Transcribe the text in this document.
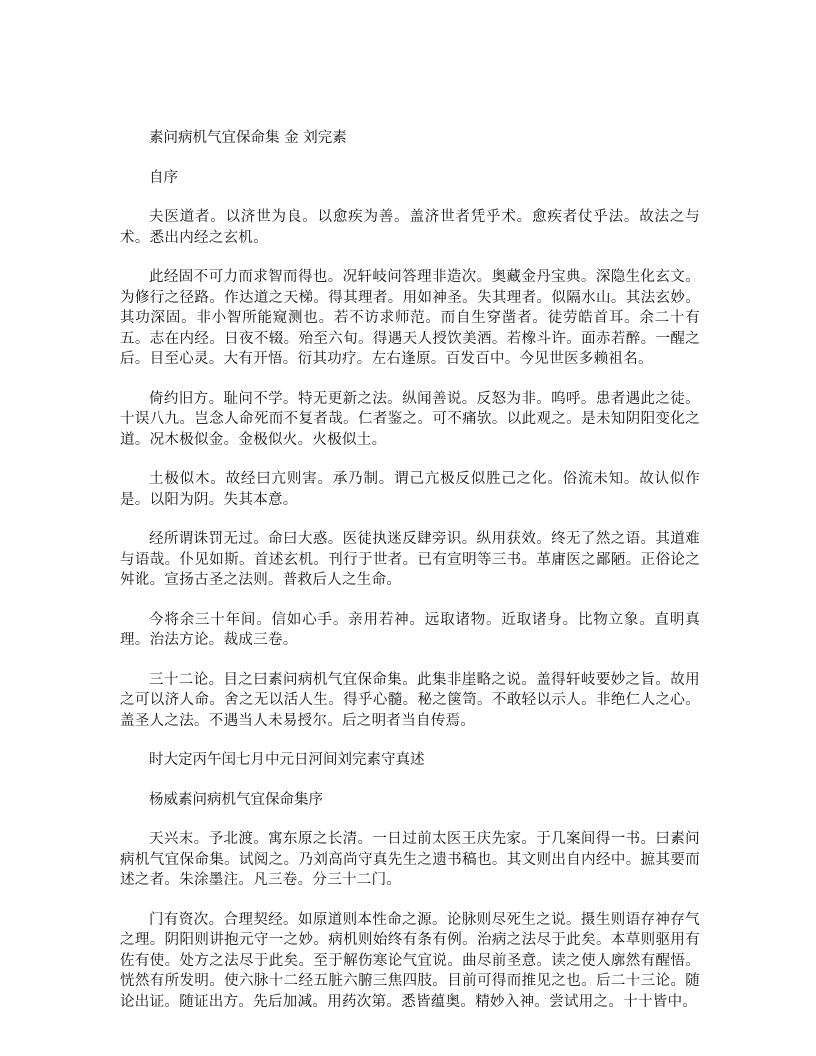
素问病机气宜保命集 金 刘完素

自序

夫医道者。以济世为良。以愈疾为善。盖济世者凭乎术。愈疾者仗乎法。故法之与术。悉出内经之玄机。

此经固不可力而求智而得也。况轩岐问答理非造次。奥藏金丹宝典。深隐生化玄文。为修行之径路。作达道之天梯。得其理者。用如神圣。失其理者。似隔水山。其法玄妙。其功深固。非小智所能窥测也。若不访求师范。而自生穿凿者。徒劳皓首耳。余二十有五。志在内经。日夜不辍。殆至六旬。得遇天人授饮美酒。若橡斗许。面赤若醉。一醒之后。目至心灵。大有开悟。衍其功疗。左右逢原。百发百中。今见世医多赖祖名。

倚约旧方。耻问不学。特无更新之法。纵闻善说。反怒为非。呜呼。患者遇此之徒。十误八九。岂念人命死而不复者哉。仁者鉴之。可不痛欤。以此观之。是未知阴阳变化之道。况木极似金。金极似火。火极似土。

土极似木。故经曰亢则害。承乃制。谓己亢极反似胜己之化。俗流未知。故认似作是。以阳为阴。失其本意。

经所谓诛罚无过。命曰大惑。医徒执迷反肆旁识。纵用获效。终无了然之语。其道难与语哉。仆见如斯。首述玄机。刊行于世者。已有宣明等三书。革庸医之鄙陋。正俗论之舛讹。宣扬古圣之法则。普救后人之生命。

今将余三十年间。信如心手。亲用若神。远取诸物。近取诸身。比物立象。直明真理。治法方论。裁成三卷。

三十二论。目之曰素问病机气宜保命集。此集非崖略之说。盖得轩岐要妙之旨。故用之可以济人命。舍之无以活人生。得乎心髓。秘之箧笥。不敢轻以示人。非绝仁人之心。盖圣人之法。不遇当人未易授尔。后之明者当自传焉。

时大定丙午闰七月中元日河间刘完素守真述

杨威素问病机气宜保命集序

天兴末。予北渡。寓东原之长清。一日过前太医王庆先家。于几案间得一书。曰素问病机气宜保命集。试阅之。乃刘高尚守真先生之遗书稿也。其文则出自内经中。摭其要而述之者。朱涂墨注。凡三卷。分三十二门。

门有资次。合理契经。如原道则本性命之源。论脉则尽死生之说。摄生则语存神存气之理。阴阳则讲抱元守一之妙。病机则始终有条有例。治病之法尽于此矣。本草则驱用有佐有使。处方之法尽于此矣。至于解伤寒论气宜说。曲尽前圣意。读之使人廓然有醒悟。恍然有所发明。使六脉十二经五脏六腑三焦四肢。目前可得而推见之也。后二十三论。随论出证。随证出方。先后加减。用药次第。悉皆蕴奥。精妙入神。尝试用之。十十皆中。
